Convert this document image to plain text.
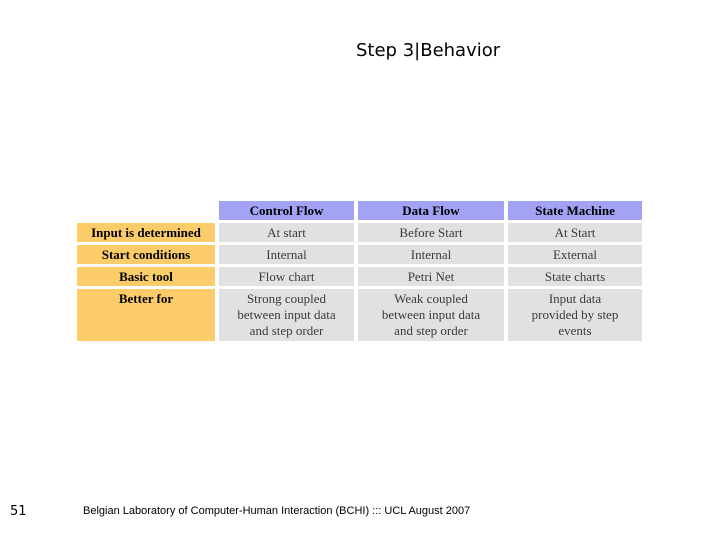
Step 3|Behavior
	Control Flow	Data Flow	State Machine
Input is determined	At start	Before Start	At Start
Start conditions	Internal	Internal	External
Basic tool	Flow chart	Petri Net	State charts
Better for	Strong coupled
between input data
and step order	Weak coupled
between input data
and step order	Input data
provided by step
events
51	Belgian Laboratory of Computer-Human Interaction (BCHI) ::: UCL August 2007
